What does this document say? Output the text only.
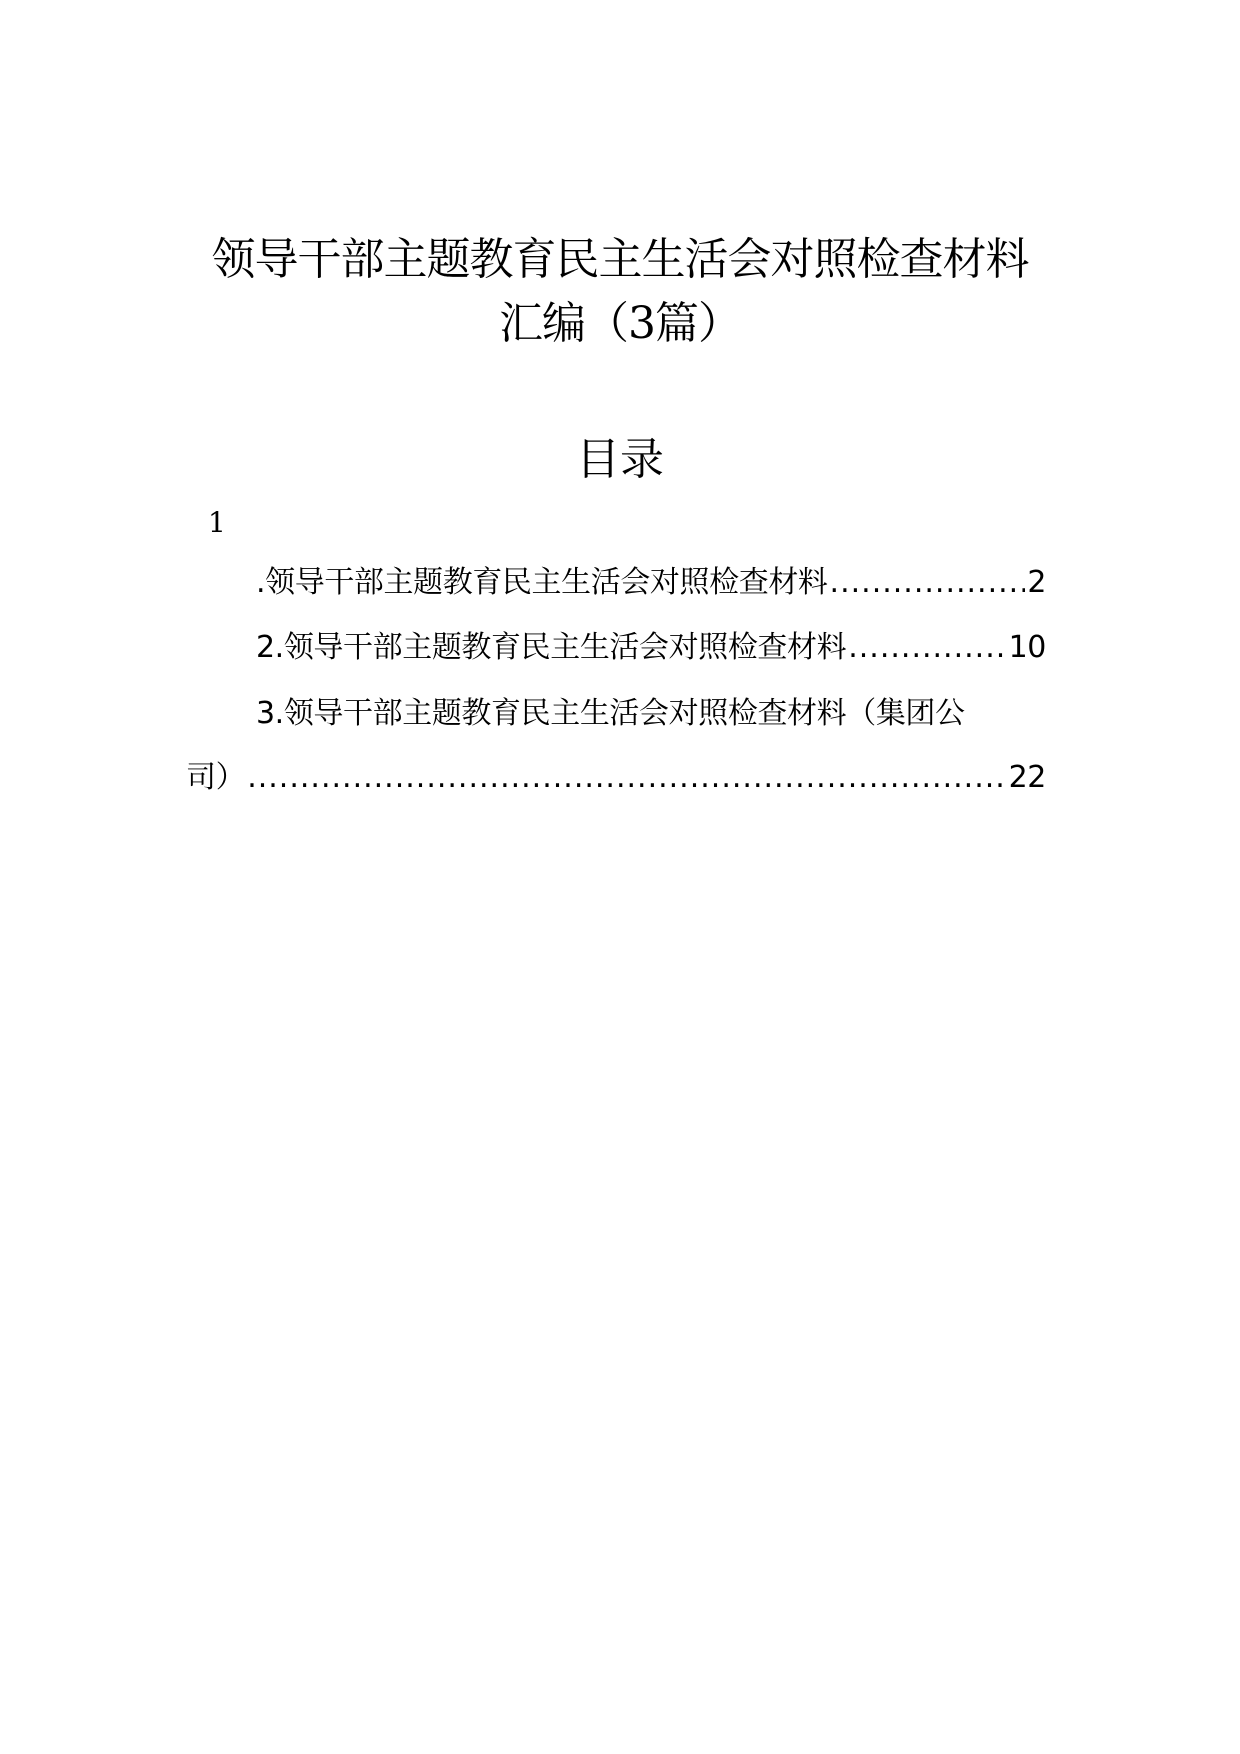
领导干部主题教育民主生活会对照检查材料汇编（3篇）
目录
1
.领导干部主题教育民主生活会对照检查材料 .....	2
2.领导干部主题教育民主生活会对照检查材料 .....	10
3.领导干部主题教育民主生活会对照检查材料（集团公
司） .....	22
